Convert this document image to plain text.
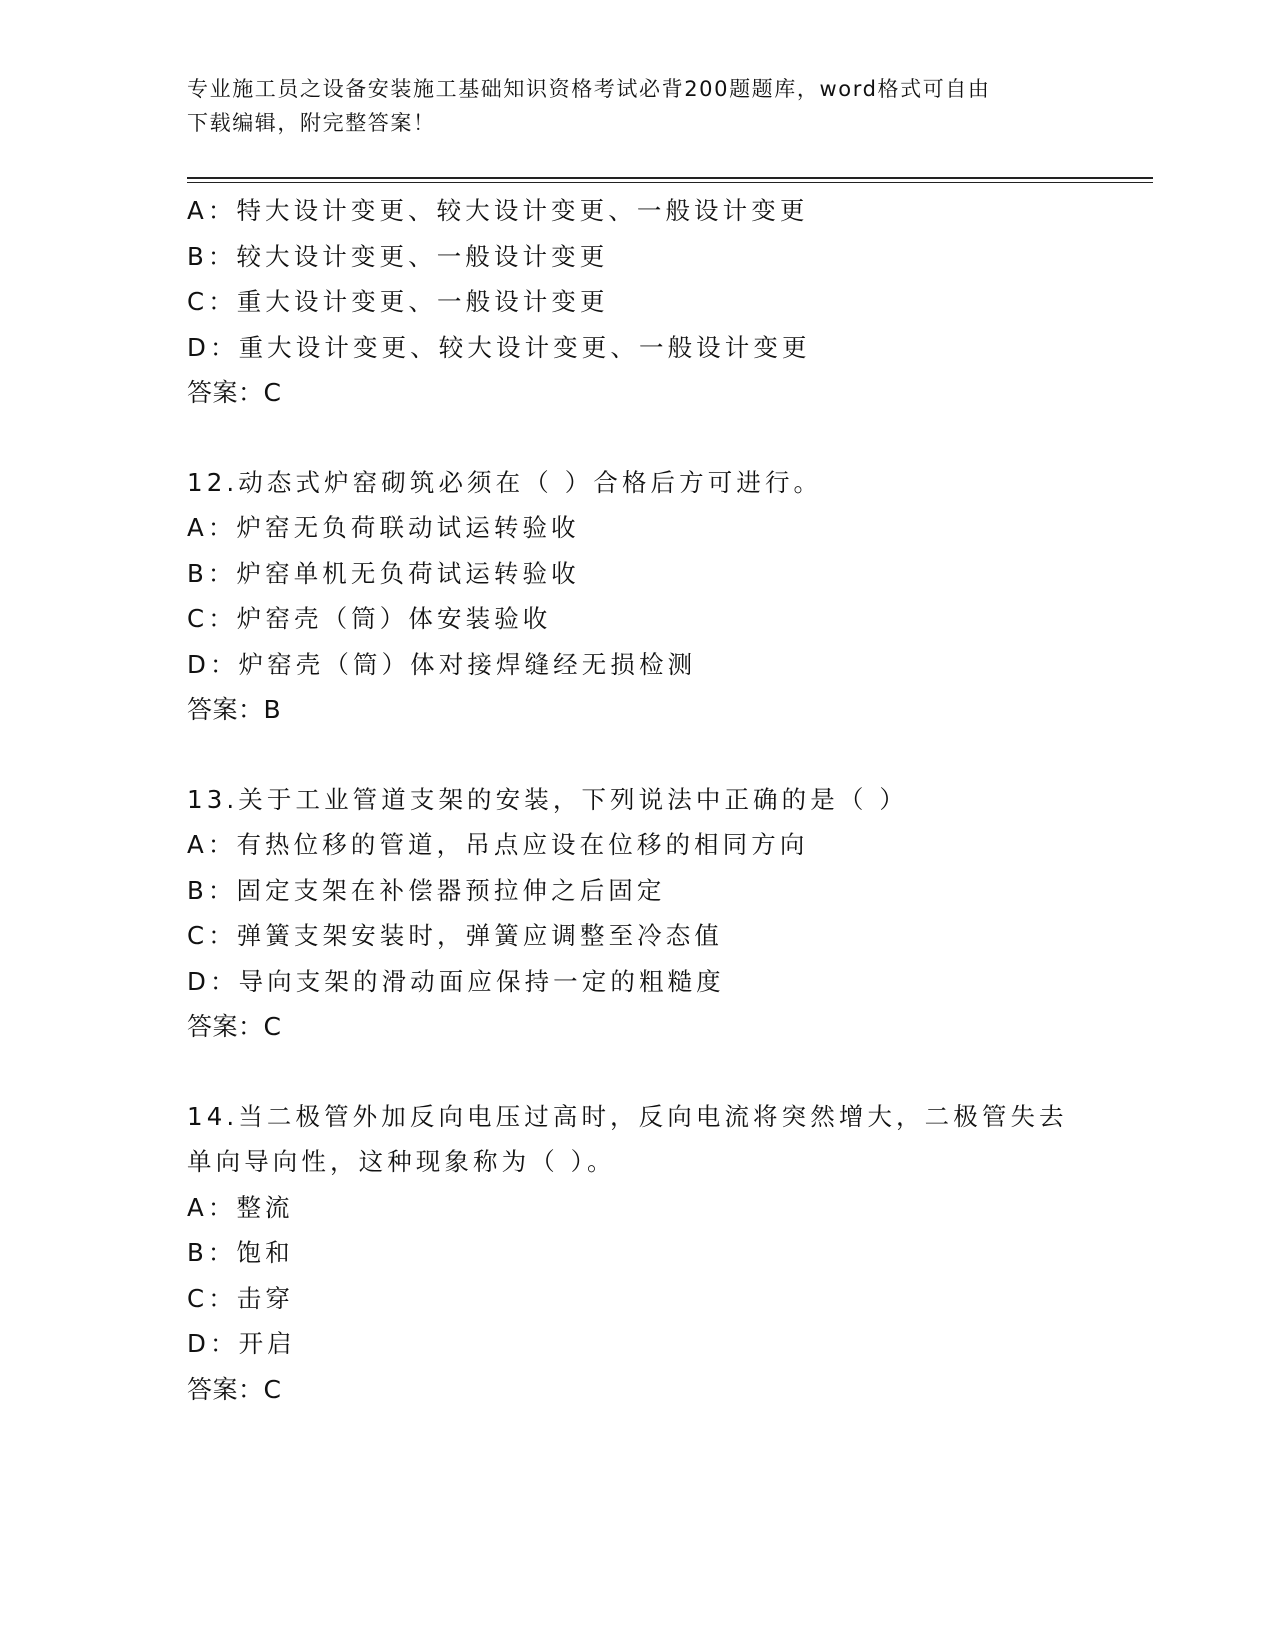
专业施工员之设备安装施工基础知识资格考试必背200题题库，word格式可自由
下载编辑，附完整答案！
A：特大设计变更、较大设计变更、一般设计变更
B：较大设计变更、一般设计变更
C：重大设计变更、一般设计变更
D：重大设计变更、较大设计变更、一般设计变更
答案：C
12.动态式炉窑砌筑必须在（ ）合格后方可进行。
A：炉窑无负荷联动试运转验收
B：炉窑单机无负荷试运转验收
C：炉窑壳（筒）体安装验收
D：炉窑壳（筒）体对接焊缝经无损检测
答案：B
13.关于工业管道支架的安装，下列说法中正确的是（ ）
A：有热位移的管道，吊点应设在位移的相同方向
B：固定支架在补偿器预拉伸之后固定
C：弹簧支架安装时，弹簧应调整至冷态值
D：导向支架的滑动面应保持一定的粗糙度
答案：C
14.当二极管外加反向电压过高时，反向电流将突然增大，二极管失去
单向导向性，这种现象称为（ ）。
A：整流
B：饱和
C：击穿
D：开启
答案：C
